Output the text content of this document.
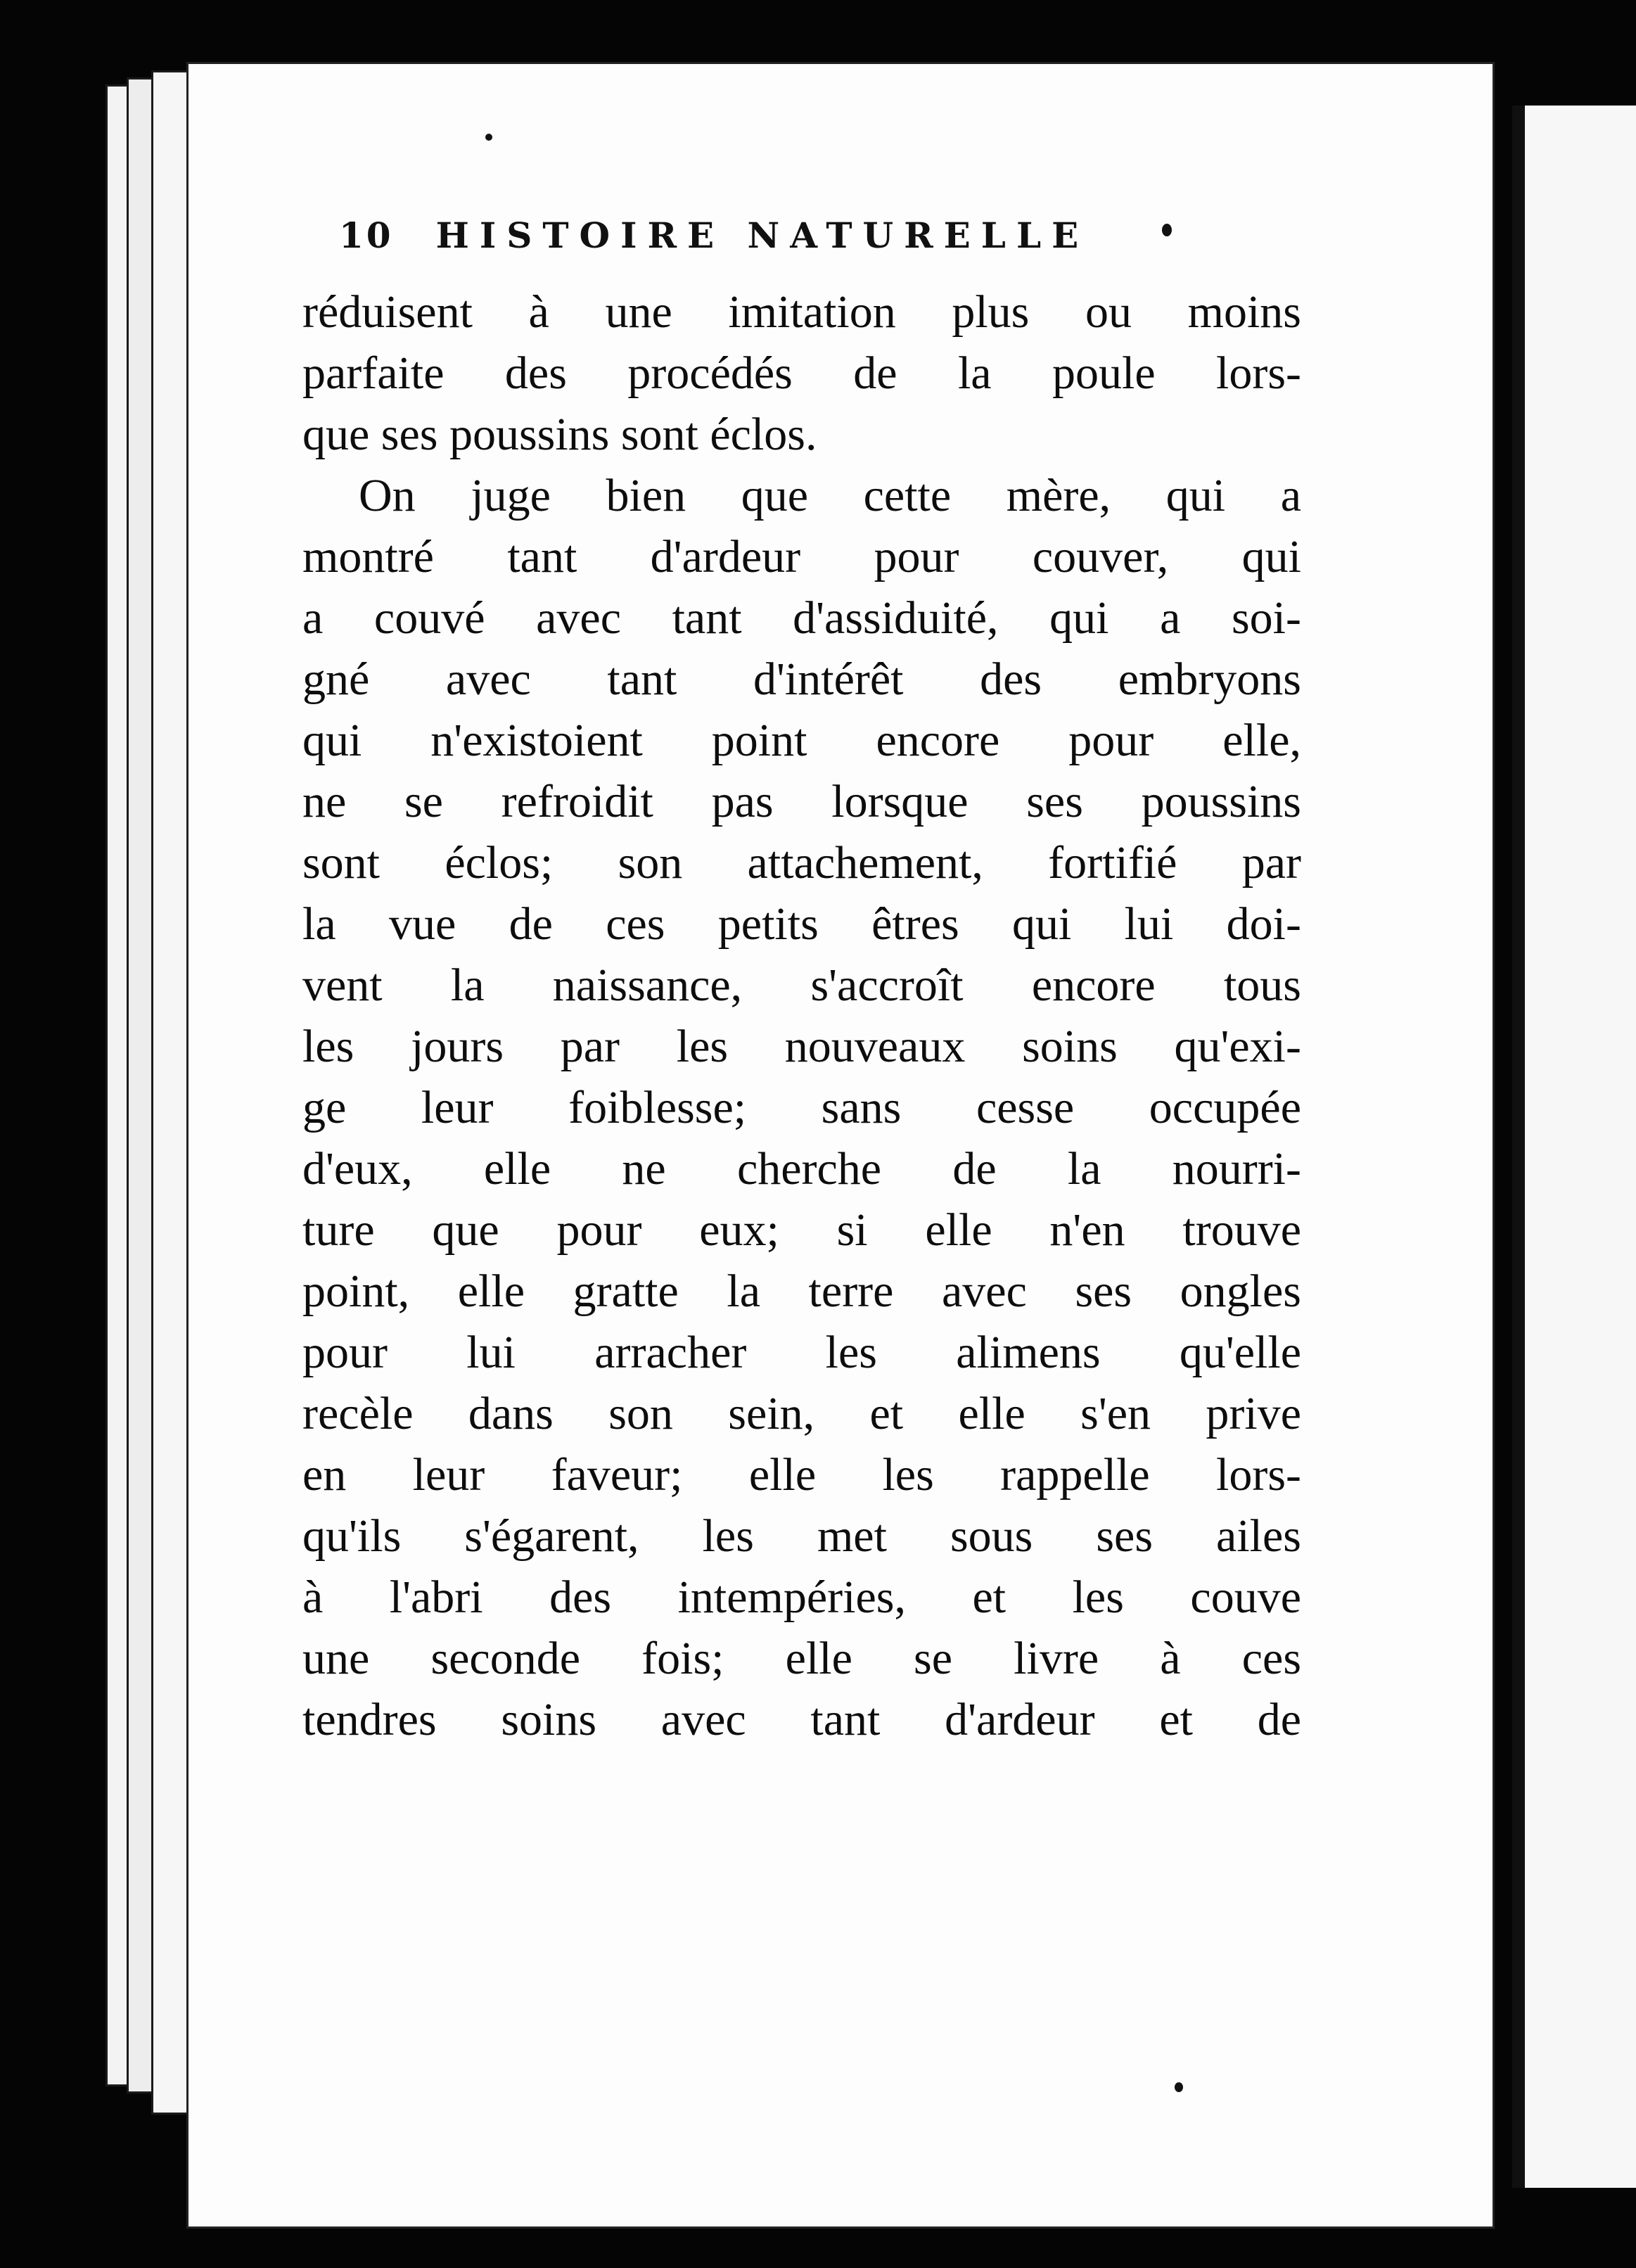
10 HISTOIRE NATURELLE
réduisent à une imitation plus ou moins
parfaite des procédés de la poule lors-
que ses poussins sont éclos.
On juge bien que cette mère, qui a
montré tant d'ardeur pour couver, qui
a couvé avec tant d'assiduité, qui a soi-
gné avec tant d'intérêt des embryons
qui n'existoient point encore pour elle,
ne se refroidit pas lorsque ses poussins
sont éclos; son attachement, fortifié par
la vue de ces petits êtres qui lui doi-
vent la naissance, s'accroît encore tous
les jours par les nouveaux soins qu'exi-
ge leur foiblesse; sans cesse occupée
d'eux, elle ne cherche de la nourri-
ture que pour eux; si elle n'en trouve
point, elle gratte la terre avec ses ongles
pour lui arracher les alimens qu'elle
recèle dans son sein, et elle s'en prive
en leur faveur; elle les rappelle lors-
qu'ils s'égarent, les met sous ses ailes
à l'abri des intempéries, et les couve
une seconde fois; elle se livre à ces
tendres soins avec tant d'ardeur et de
